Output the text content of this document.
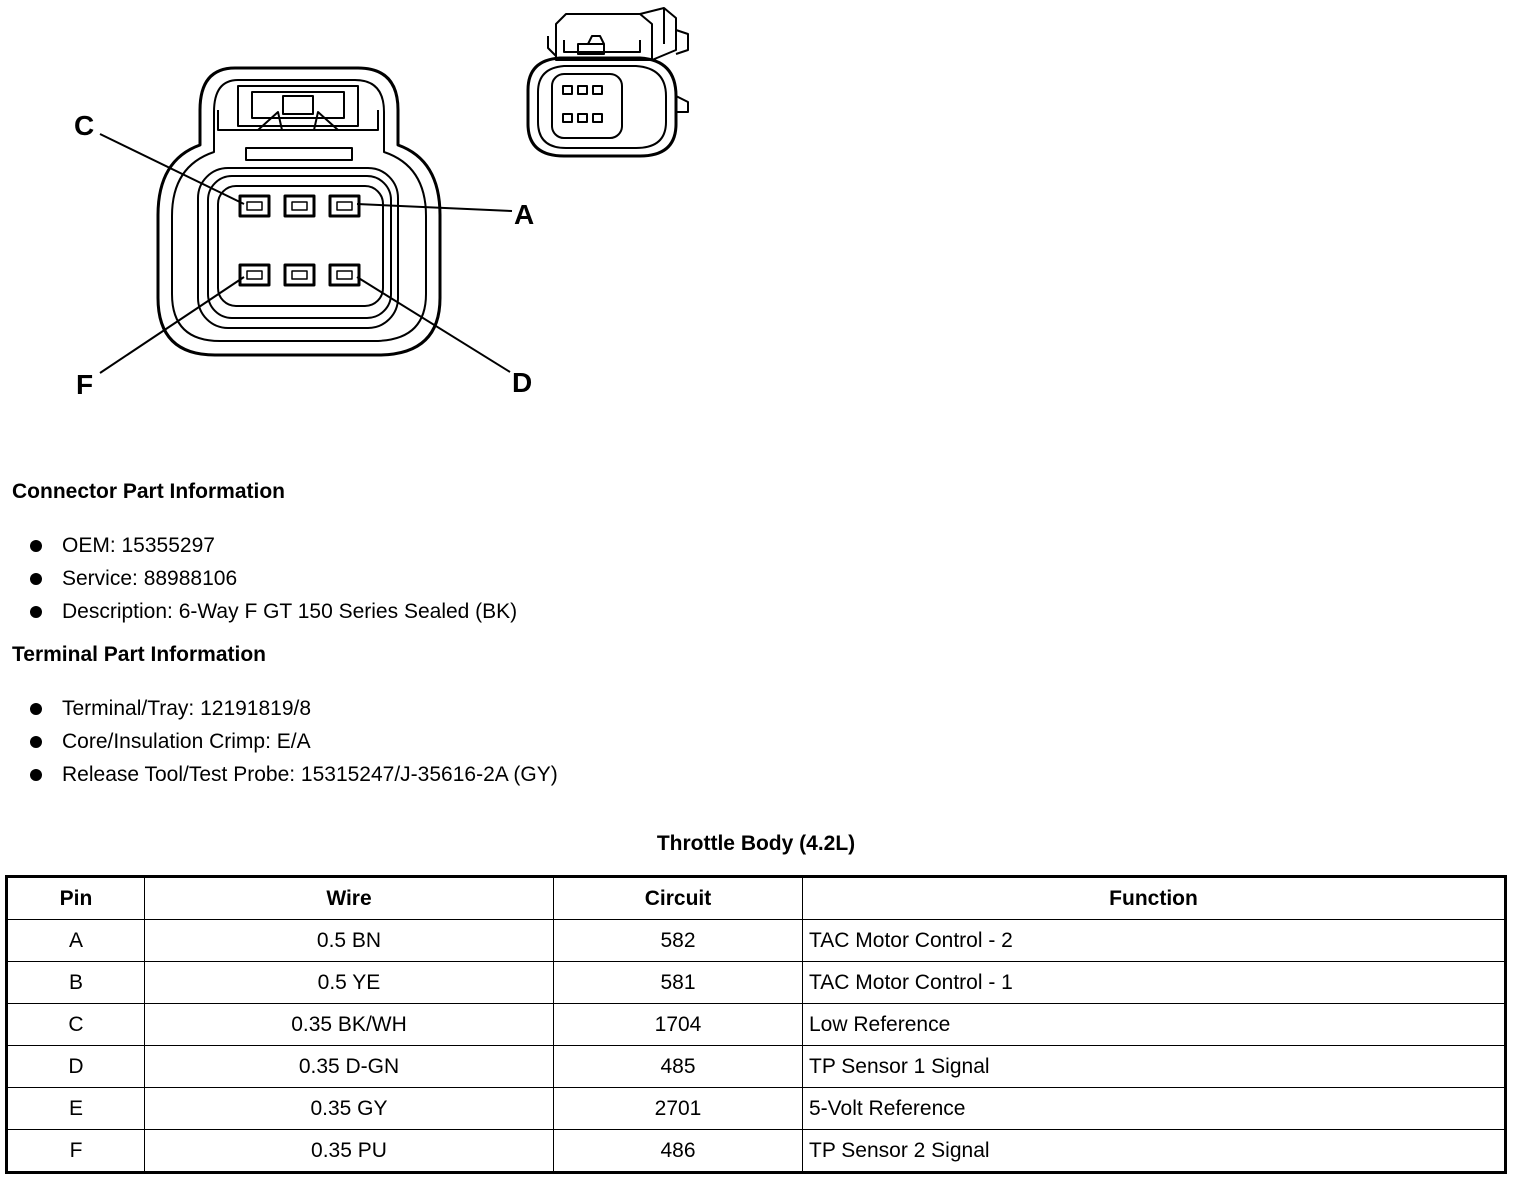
C
A
F	D
Connector Part Information
OEM: 15355297
Service: 88988106
Description: 6-Way F GT 150 Series Sealed (BK)
Terminal Part Information
Terminal/Tray: 12191819/8
Core/Insulation Crimp: E/A
Release Tool/Test Probe: 15315247/J-35616-2A (GY)
Throttle Body (4.2L)
Pin	Wire	Circuit	Function
A	0.5 BN	582	TAC Motor Control - 2
B	0.5 YE	581	TAC Motor Control - 1
C	0.35 BK/WH	1704	Low Reference
D	0.35 D-GN	485	TP Sensor 1 Signal
E	0.35 GY	2701	5-Volt Reference
F	0.35 PU	486	TP Sensor 2 Signal
